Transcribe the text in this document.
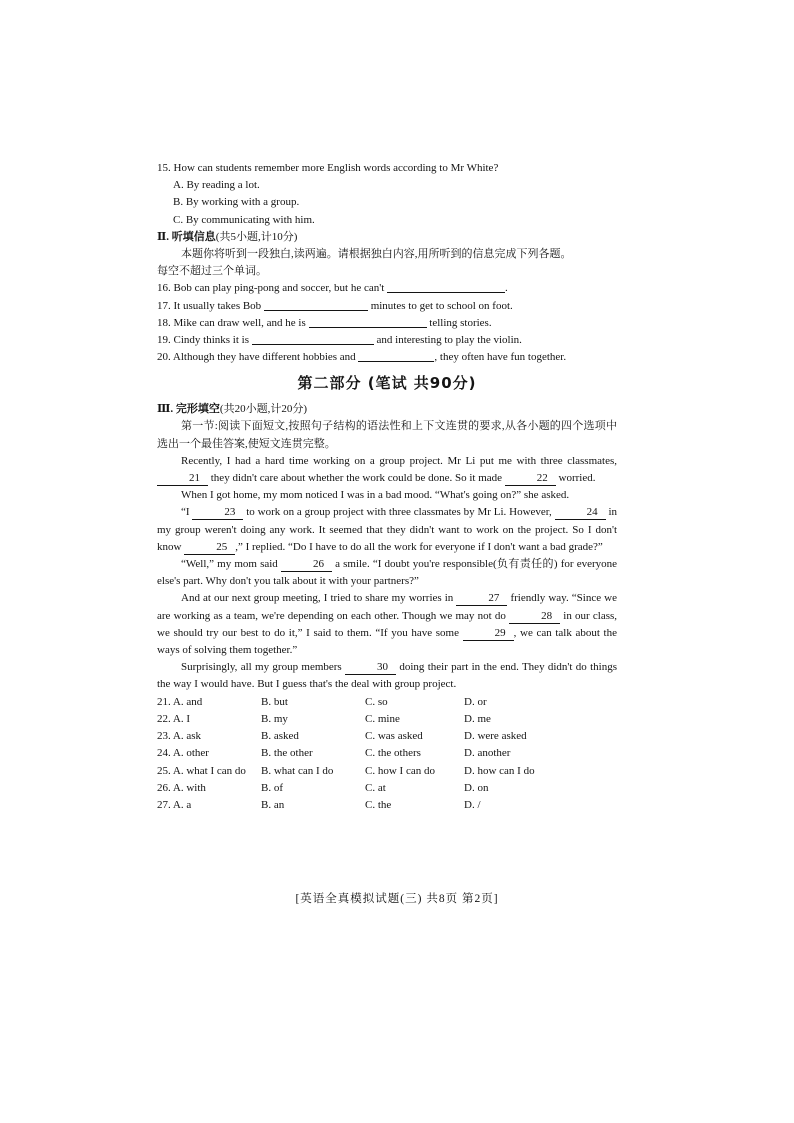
15. How can students remember more English words according to Mr White?
A. By reading a lot.
B. By working with a group.
C. By communicating with him.
Ⅱ. 听填信息(共5小题,计10分)
本题你将听到一段独白,读两遍。请根据独白内容,用所听到的信息完成下列各题。
每空不超过三个单词。
16. Bob can play ping-pong and soccer, but he can't	.
17. It usually takes Bob	minutes to get to school on foot.
18. Mike can draw well, and he is	telling stories.
19. Cindy thinks it is	and interesting to play the violin.
20. Although they have different hobbies and	, they often have fun together.
第二部分 (笔试 共90分)
Ⅲ. 完形填空(共20小题,计20分)
第一节:阅读下面短文,按照句子结构的语法性和上下文连贯的要求,从各小题的四个选项中选出一个最佳答案,使短文连贯完整。
Recently, I had a hard time working on a group project. Mr Li put me with three classmates, 21 they didn't care about whether the work could be done. So it made	22 worried.
When I got home, my mom noticed I was in a bad mood. “What's going on?” she asked.
“I	23 to work on a group project with three classmates by Mr Li. However,	24 in my group weren't doing any work. It seemed that they didn't want to work on the project. So I don't know	25 ,” I replied. “Do I have to do all the work for everyone if I don't want a bad grade?”
“Well,” my mom said	26 a smile. “I doubt you're responsible(负有责任的) for everyone else's part. Why don't you talk about it with your partners?”
And at our next group meeting, I tried to share my worries in	27 friendly way. “Since we are working as a team, we're depending on each other. Though we may not do	28 in our class, we should try our best to do it,” I said to them. “If you have some	29 , we can talk about the ways of solving them together.”
Surprisingly, all my group members	30 doing their part in the end. They didn't do things the way I would have. But I guess that's the deal with group project.
21. A. and	B. but	C. so	D. or
22. A. I	B. my	C. mine	D. me
23. A. ask	B. asked	C. was asked	D. were asked
24. A. other	B. the other	C. the others	D. another
25. A. what I can do	B. what can I do	C. how I can do	D. how can I do
26. A. with	B. of	C. at	D. on
27. A. a	B. an	C. the	D. /
[英语全真模拟试题(三) 共8页 第2页]
